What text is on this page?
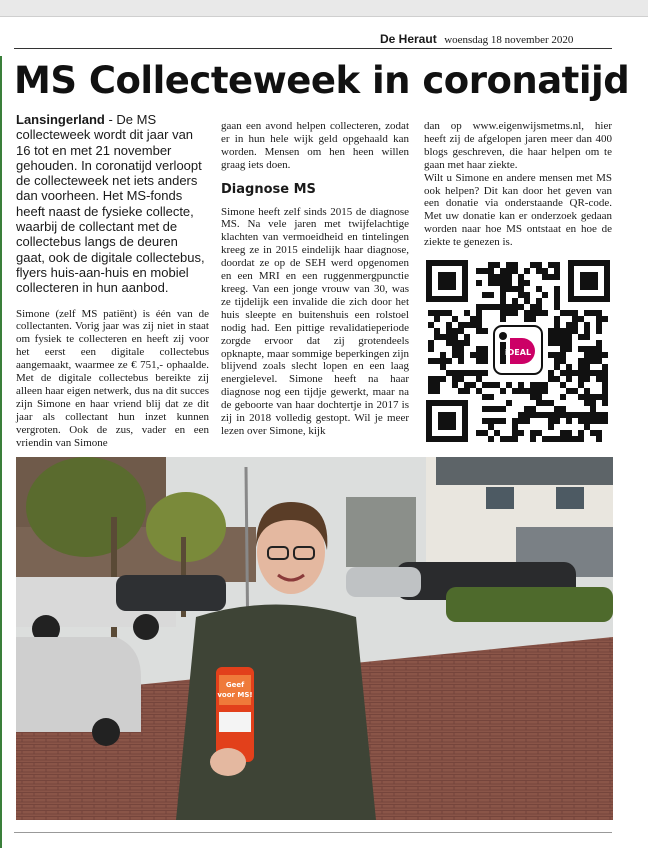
De Heraut woensdag 18 november 2020
MS Collecteweek in coronatijd

Lansingerland - De MS collecteweek wordt dit jaar van 16 tot en met 21 november gehouden. In coronatijd verloopt de collecteweek net iets anders dan voorheen. Het MS-fonds heeft naast de fysieke collecte, waarbij de collectant met de collectebus langs de deuren gaat, ook de digitale collectebus, flyers huis-aan-huis en mobiel collecteren in hun aanbod.

Simone (zelf MS patiënt) is één van de collectanten. Vorig jaar was zij niet in staat om fysiek te collecteren en heeft zij voor het eerst een digitale collectebus aangemaakt, waarmee ze € 751,- ophaalde. Met de digitale collectebus bereikte zij alleen haar eigen netwerk, dus na dit succes zijn Simone en haar vriend blij dat ze dit jaar als collectant hun inzet kunnen vergroten. Ook de zus, vader en een vriendin van Simone

gaan een avond helpen collecteren, zodat er in hun hele wijk geld opgehaald kan worden. Mensen om hen heen willen graag iets doen.

Diagnose MS

Simone heeft zelf sinds 2015 de diagnose MS. Na vele jaren met twijfelachtige klachten van vermoeidheid en tintelingen kreeg ze in 2015 eindelijk haar diagnose, doordat ze op de SEH werd opgenomen en een MRI en een ruggenmergpunctie kreeg. Van een jonge vrouw van 30, was ze tijdelijk een invalide die zich door het huis sleepte en buitenshuis een rolstoel nodig had. Een pittige revalidatieperiode zorgde ervoor dat zij grotendeels opknapte, maar sommige beperkingen zijn blijvend zoals slecht lopen en een laag energielevel. Simone heeft na haar diagnose nog een tijdje gewerkt, maar na de geboorte van haar dochtertje in 2017 is zij in 2018 volledig gestopt. Wil je meer lezen over Simone, kijk

dan op www.eigenwijsmetms.nl, hier heeft zij de afgelopen jaren meer dan 400 blogs geschreven, die haar helpen om te gaan met haar ziekte.

Wilt u Simone en andere mensen met MS ook helpen? Dit kan door het geven van een donatie via onderstaande QR-code. Met uw donatie kan er onderzoek gedaan worden naar hoe MS ontstaat en hoe de ziekte te genezen is.

iDEAL
Geef
voor MS!
